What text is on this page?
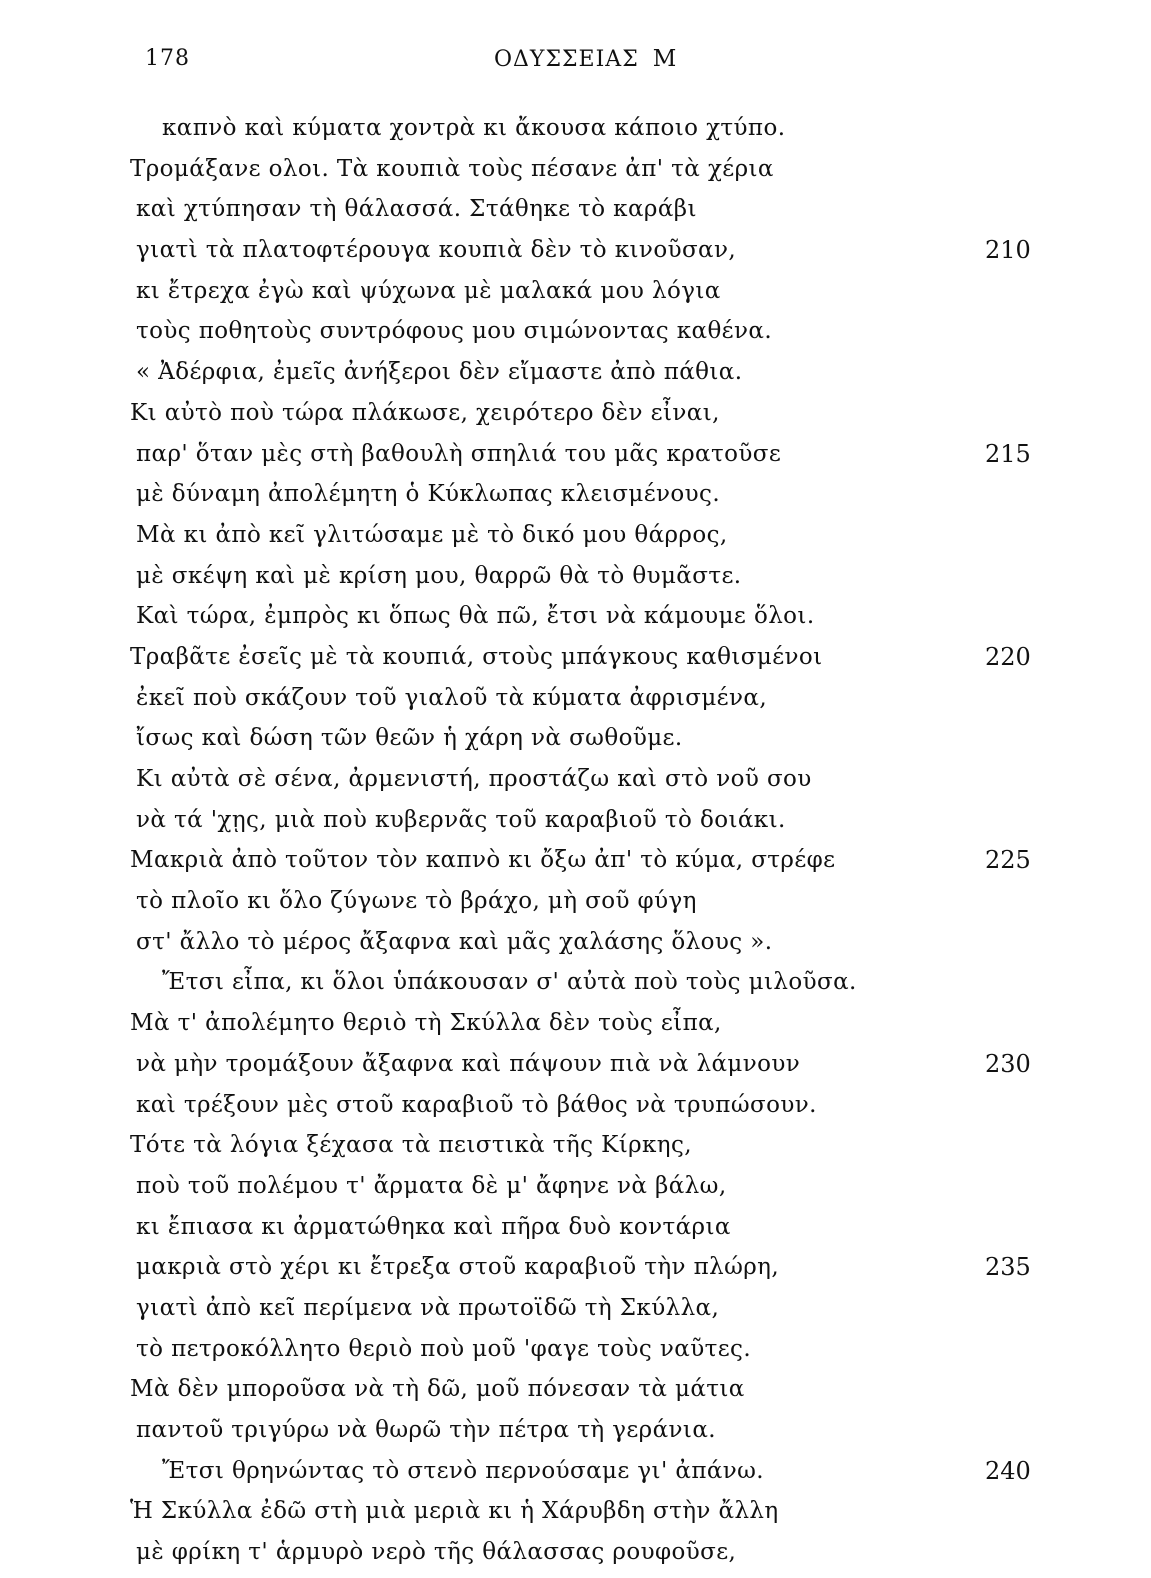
178	ΟΔΥΣΣΕΙΑΣ Μ
καπνὸ καὶ κύματα χοντρὰ κι ἄκουσα κάποιο χτύπο.
Τρομάξανε ολοι. Τὰ κουπιὰ τοὺς πέσανε ἀπ' τὰ χέρια
καὶ χτύπησαν τὴ θάλασσά. Στάθηκε τὸ καράβι
γιατὶ τὰ πλατοφτέρουγα κουπιὰ δὲν τὸ κινοῦσαν,	210
κι ἔτρεχα ἐγὼ καὶ ψύχωνα μὲ μαλακά μου λόγια
τοὺς ποθητοὺς συντρόφους μου σιμώνοντας καθένα.
« Ἀδέρφια, ἐμεῖς ἀνήξεροι δὲν εἴμαστε ἀπὸ πάθια.
Κι αὐτὸ ποὺ τώρα πλάκωσε, χειρότερο δὲν εἶναι,
παρ' ὅταν μὲς στὴ βαθουλὴ σπηλιά του μᾶς κρατοῦσε	215
μὲ δύναμη ἀπολέμητη ὁ Κύκλωπας κλεισμένους.
Μὰ κι ἀπὸ κεῖ γλιτώσαμε μὲ τὸ δικό μου θάρρος,
μὲ σκέψη καὶ μὲ κρίση μου, θαρρῶ θὰ τὸ θυμᾶστε.
Καὶ τώρα, ἐμπρὸς κι ὅπως θὰ πῶ, ἔτσι νὰ κάμουμε ὅλοι.
Τραβᾶτε ἐσεῖς μὲ τὰ κουπιά, στοὺς μπάγκους καθισμένοι	220
ἐκεῖ ποὺ σκάζουν τοῦ γιαλοῦ τὰ κύματα ἀφρισμένα,
ἴσως καὶ δώση τῶν θεῶν ἡ χάρη νὰ σωθοῦμε.
Κι αὐτὰ σὲ σένα, ἀρμενιστή, προστάζω καὶ στὸ νοῦ σου
νὰ τά 'χῃς, μιὰ ποὺ κυβερνᾶς τοῦ καραβιοῦ τὸ δοιάκι.
Μακριὰ ἀπὸ τοῦτον τὸν καπνὸ κι ὄξω ἀπ' τὸ κύμα, στρέφε	225
τὸ πλοῖο κι ὅλο ζύγωνε τὸ βράχο, μὴ σοῦ φύγη
στ' ἄλλο τὸ μέρος ἄξαφνα καὶ μᾶς χαλάσης ὅλους ».
Ἔτσι εἶπα, κι ὅλοι ὑπάκουσαν σ' αὐτὰ ποὺ τοὺς μιλοῦσα.
Μὰ τ' ἀπολέμητο θεριὸ τὴ Σκύλλα δὲν τοὺς εἶπα,
νὰ μὴν τρομάξουν ἄξαφνα καὶ πάψουν πιὰ νὰ λάμνουν	230
καὶ τρέξουν μὲς στοῦ καραβιοῦ τὸ βάθος νὰ τρυπώσουν.
Τότε τὰ λόγια ξέχασα τὰ πειστικὰ τῆς Κίρκης,
ποὺ τοῦ πολέμου τ' ἄρματα δὲ μ' ἄφηνε νὰ βάλω,
κι ἔπιασα κι ἀρματώθηκα καὶ πῆρα δυὸ κοντάρια
μακριὰ στὸ χέρι κι ἔτρεξα στοῦ καραβιοῦ τὴν πλώρη,	235
γιατὶ ἀπὸ κεῖ περίμενα νὰ πρωτοϊδῶ τὴ Σκύλλα,
τὸ πετροκόλλητο θεριὸ ποὺ μοῦ 'φαγε τοὺς ναῦτες.
Μὰ δὲν μποροῦσα νὰ τὴ δῶ, μοῦ πόνεσαν τὰ μάτια
παντοῦ τριγύρω νὰ θωρῶ τὴν πέτρα τὴ γεράνια.
Ἔτσι θρηνώντας τὸ στενὸ περνούσαμε γι' ἀπάνω.	240
Ἡ Σκύλλα ἐδῶ στὴ μιὰ μεριὰ κι ἡ Χάρυβδη στὴν ἄλλη
μὲ φρίκη τ' ἁρμυρὸ νερὸ τῆς θάλασσας ρουφοῦσε,
